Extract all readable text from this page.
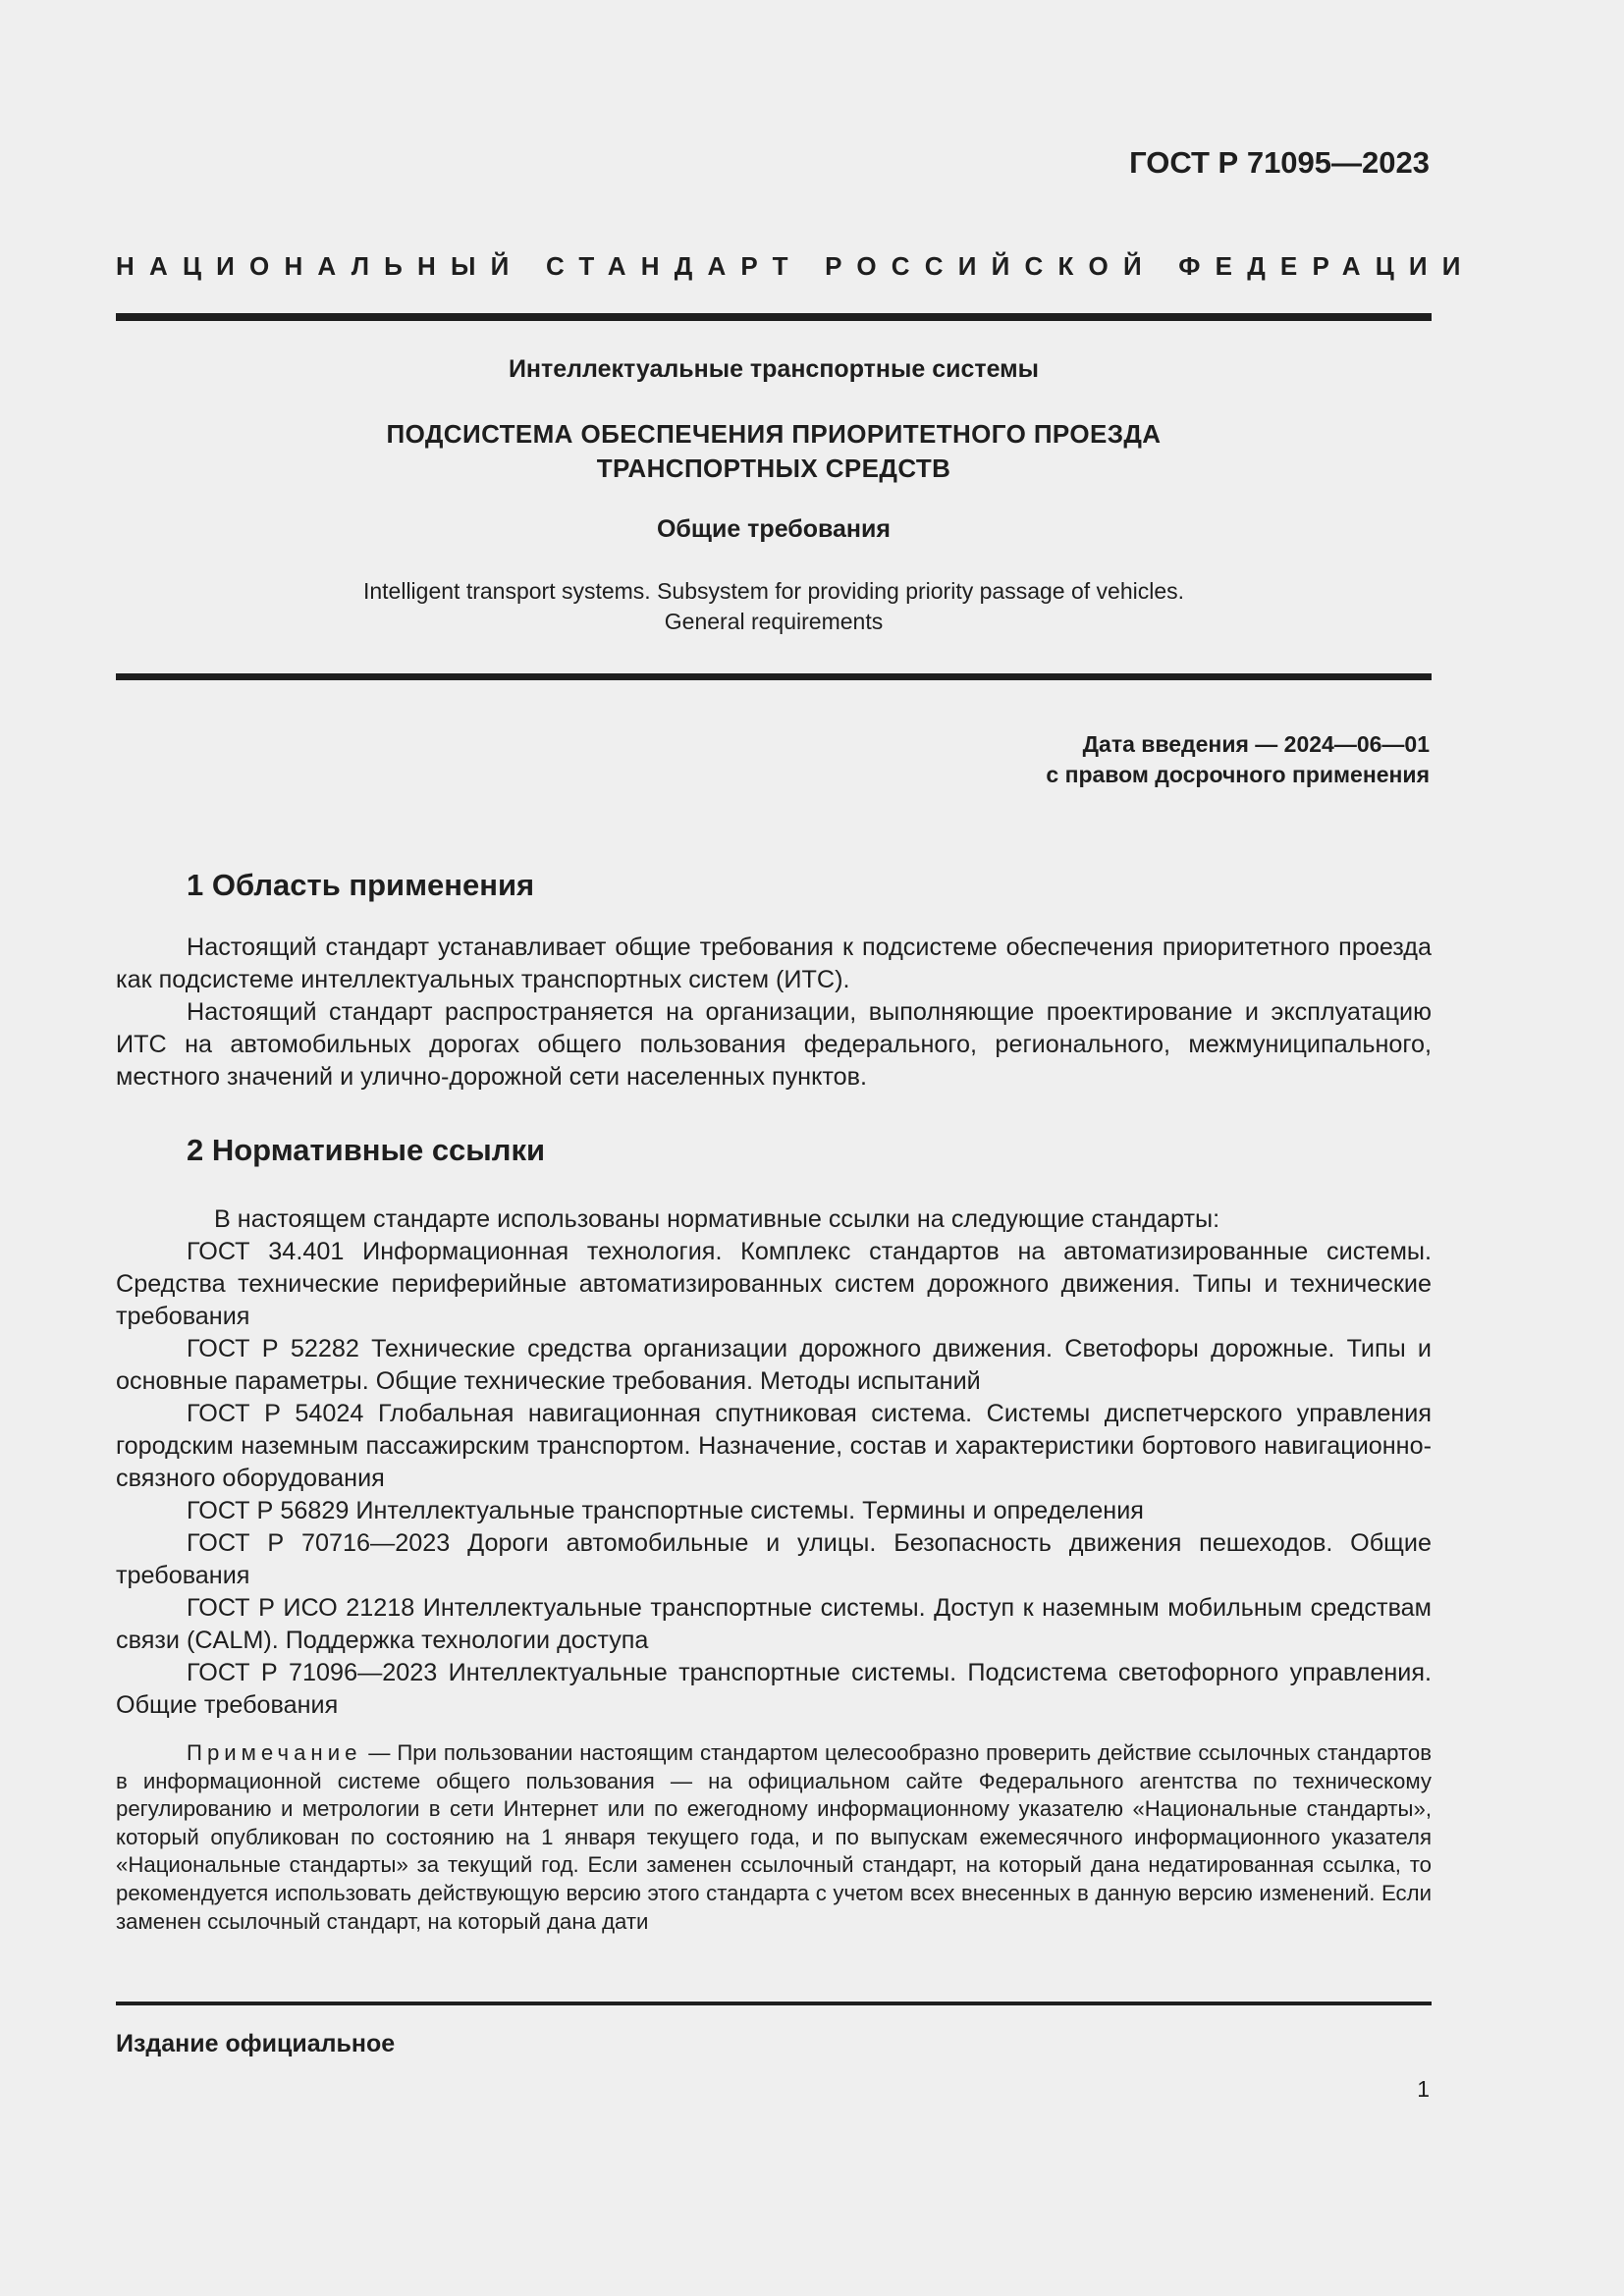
ГОСТ Р 71095—2023
НАЦИОНАЛЬНЫЙ СТАНДАРТ РОССИЙСКОЙ ФЕДЕРАЦИИ
Интеллектуальные транспортные системы
ПОДСИСТЕМА ОБЕСПЕЧЕНИЯ ПРИОРИТЕТНОГО ПРОЕЗДА
ТРАНСПОРТНЫХ СРЕДСТВ
Общие требования
Intelligent transport systems. Subsystem for providing priority passage of vehicles.
General requirements
Дата введения — 2024—06—01
с правом досрочного применения
1 Область применения

Настоящий стандарт устанавливает общие требования к подсистеме обеспечения приоритетного проезда как подсистеме интеллектуальных транспортных систем (ИТС).

Настоящий стандарт распространяется на организации, выполняющие проектирование и эксплуатацию ИТС на автомобильных дорогах общего пользования федерального, регионального, межмуниципального, местного значений и улично-дорожной сети населенных пунктов.

2 Нормативные ссылки

В настоящем стандарте использованы нормативные ссылки на следующие стандарты:

ГОСТ 34.401 Информационная технология. Комплекс стандартов на автоматизированные системы. Средства технические периферийные автоматизированных систем дорожного движения. Типы и технические требования

ГОСТ Р 52282 Технические средства организации дорожного движения. Светофоры дорожные. Типы и основные параметры. Общие технические требования. Методы испытаний

ГОСТ Р 54024 Глобальная навигационная спутниковая система. Системы диспетчерского управления городским наземным пассажирским транспортом. Назначение, состав и характеристики бортового навигационно-связного оборудования

ГОСТ Р 56829 Интеллектуальные транспортные системы. Термины и определения

ГОСТ Р 70716—2023 Дороги автомобильные и улицы. Безопасность движения пешеходов. Общие требования

ГОСТ Р ИСО 21218 Интеллектуальные транспортные системы. Доступ к наземным мобильным средствам связи (CALM). Поддержка технологии доступа

ГОСТ Р 71096—2023 Интеллектуальные транспортные системы. Подсистема светофорного управления. Общие требования

Примечание — При пользовании настоящим стандартом целесообразно проверить действие ссылочных стандартов в информационной системе общего пользования — на официальном сайте Федерального агентства по техническому регулированию и метрологии в сети Интернет или по ежегодному информационному указателю «Национальные стандарты», который опубликован по состоянию на 1 января текущего года, и по выпускам ежемесячного информационного указателя «Национальные стандарты» за текущий год. Если заменен ссылочный стандарт, на который дана недатированная ссылка, то рекомендуется использовать действующую версию этого стандарта с учетом всех внесенных в данную версию изменений. Если заменен ссылочный стандарт, на который дана дати
Издание официальное
1
